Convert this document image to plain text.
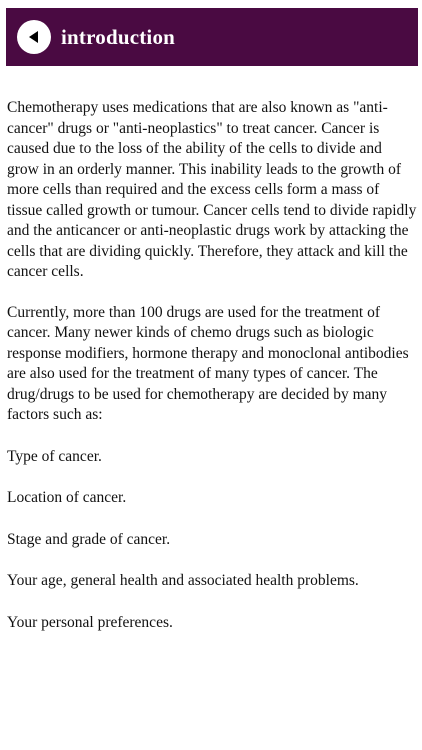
introduction

Chemotherapy uses medications that are also known as "anti-cancer" drugs or "anti-neoplastics" to treat cancer. Cancer is caused due to the loss of the ability of the cells to divide and grow in an orderly manner. This inability leads to the growth of more cells than required and the excess cells form a mass of tissue called growth or tumour. Cancer cells tend to divide rapidly and the anticancer or anti-neoplastic drugs work by attacking the cells that are dividing quickly. Therefore, they attack and kill the cancer cells.

Currently, more than 100 drugs are used for the treatment of cancer. Many newer kinds of chemo drugs such as biologic response modifiers, hormone therapy and monoclonal antibodies are also used for the treatment of many types of cancer. The drug/drugs to be used for chemotherapy are decided by many factors such as:

Type of cancer.

Location of cancer.

Stage and grade of cancer.

Your age, general health and associated health problems.

Your personal preferences.
